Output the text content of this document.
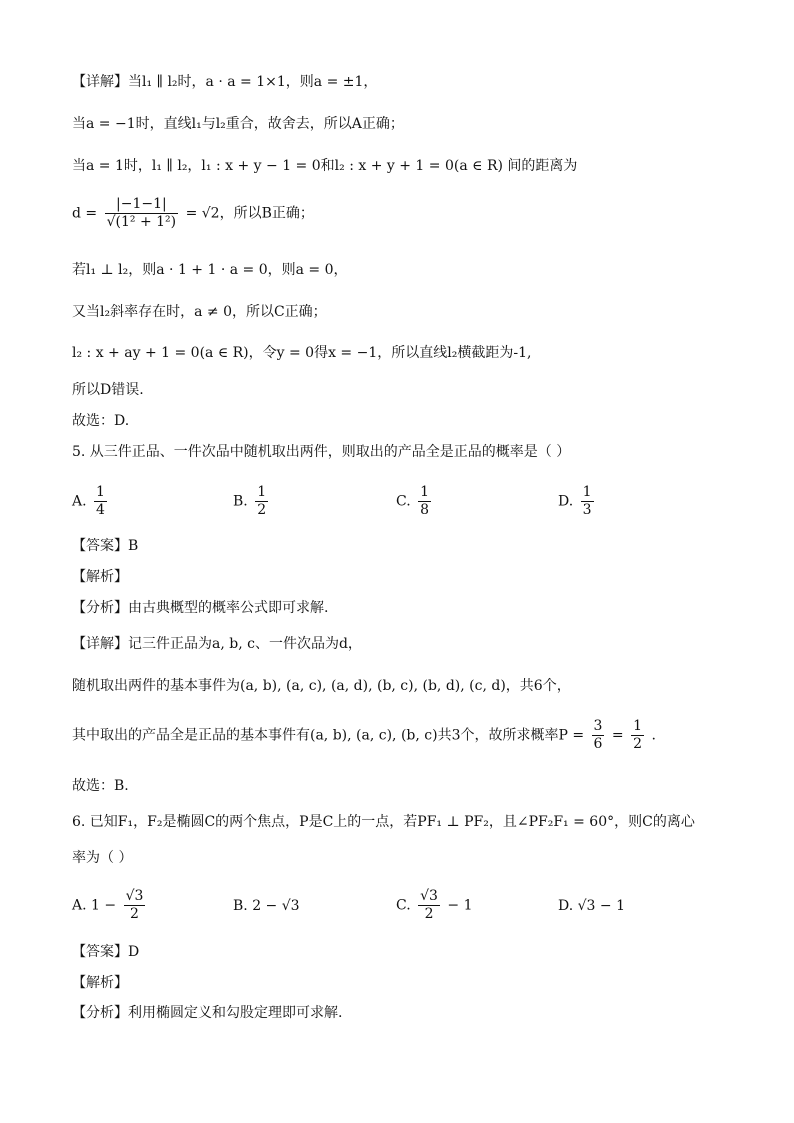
【详解】当l₁ ∥ l₂时，a · a = 1×1，则a = ±1，
当a = −1时，直线l₁与l₂重合，故舍去，所以A正确；
当a = 1时，l₁ ∥ l₂，l₁ : x + y − 1 = 0和l₂ : x + y + 1 = 0(a ∈ R) 间的距离为
$d = \frac{|-1-1|}{\text{√(1² + 1²)}} = √2$，所以B正确；
若l₁ ⊥ l₂，则a · 1 + 1 · a = 0，则a = 0，
又当l₂斜率存在时，a ≠ 0，所以C正确；
l₂ : x + ay + 1 = 0(a ∈ R)，令y = 0得x = −1，所以直线l₂横截距为-1,
所以D错误.
故选：D.
5. 从三件正品、一件次品中随机取出两件，则取出的产品全是正品的概率是（ ）
A. $\frac{1}{4}$	B. $\frac{1}{2}$	C. $\frac{1}{8}$	D. $\frac{1}{3}$
【答案】B
【解析】
【分析】由古典概型的概率公式即可求解.
【详解】记三件正品为a, b, c、一件次品为d，
随机取出两件的基本事件为(a, b), (a, c), (a, d), (b, c), (b, d), (c, d)，共6个，
其中取出的产品全是正品的基本事件有(a, b), (a, c), (b, c)共3个，故所求概率$P = \frac{3}{6} = \frac{1}{2}$ .
故选：B.
6. 已知F₁，F₂是椭圆C的两个焦点，P是C上的一点，若PF₁ ⊥ PF₂，且∠PF₂F₁ = 60°，则C的离心
率为（ ）
A. $1 - \frac{√3}{2}$	B. 2 − √3	C. $\frac{√3}{2} - 1$	D. √3 − 1
【答案】D
【解析】
【分析】利用椭圆定义和勾股定理即可求解.
